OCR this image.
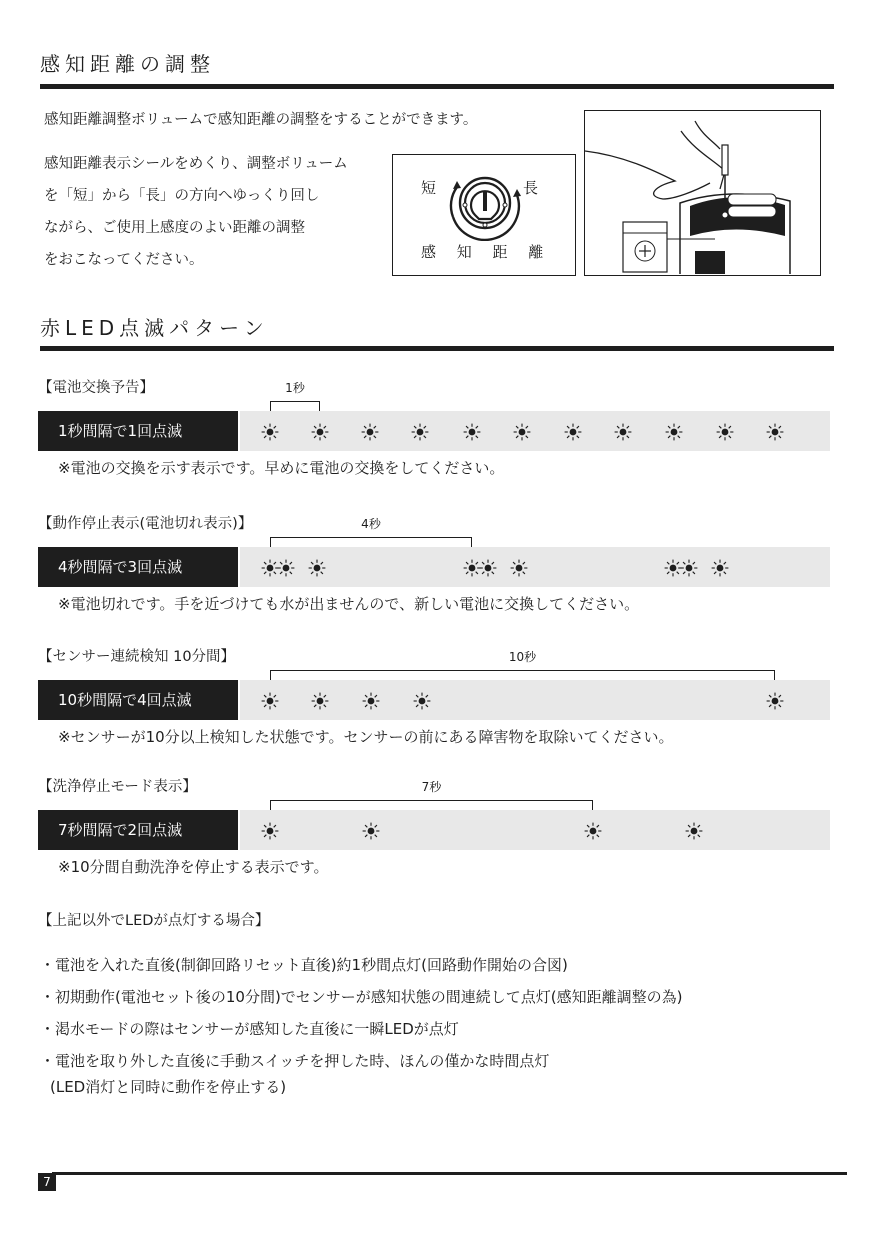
感知距離の調整
感知距離調整ボリュームで感知距離の調整をすることができます。
感知距離表示シールをめくり、調整ボリューム
を「短」から「長」の方向へゆっくり回し
ながら、ご使用上感度のよい距離の調整
をおこなってください。
短	長
感 知 距 離
赤LED点滅パターン
【電池交換予告】	1秒
1秒間隔で1回点滅
※電池の交換を示す表示です。早めに電池の交換をしてください。
【動作停止表示(電池切れ表示)】	4秒
4秒間隔で3回点滅
※電池切れです。手を近づけても水が出ませんので、新しい電池に交換してください。
【センサー連続検知 10分間】	10秒
10秒間隔で4回点滅
※センサーが10分以上検知した状態です。センサーの前にある障害物を取除いてください。
【洗浄停止モード表示】	7秒
7秒間隔で2回点滅
※10分間自動洗浄を停止する表示です。
【上記以外でLEDが点灯する場合】
・電池を入れた直後(制御回路リセット直後)約1秒間点灯(回路動作開始の合図)
・初期動作(電池セット後の10分間)でセンサーが感知状態の間連続して点灯(感知距離調整の為)
・渇水モードの際はセンサーが感知した直後に一瞬LEDが点灯
・電池を取り外した直後に手動スイッチを押した時、ほんの僅かな時間点灯
(LED消灯と同時に動作を停止する)
7
